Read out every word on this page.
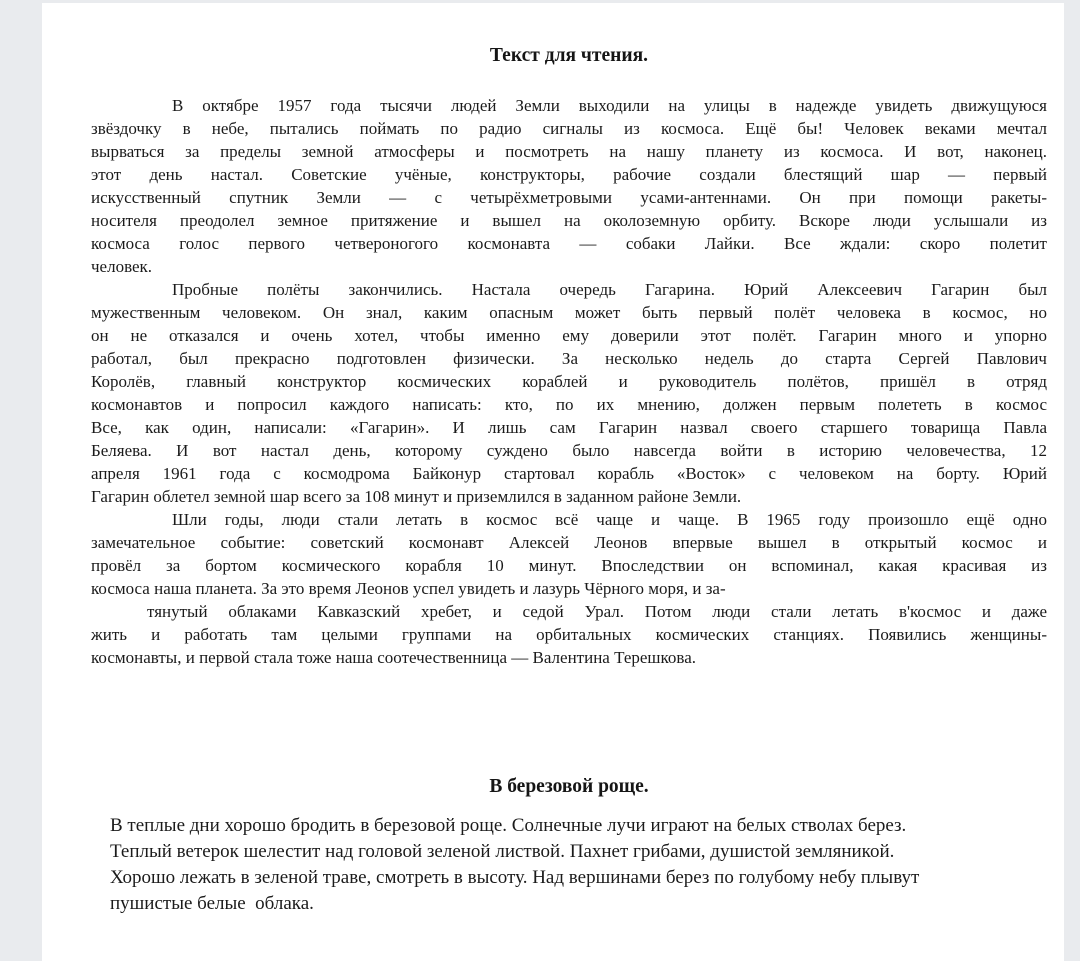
Текст для чтения.
В октябре 1957 года тысячи людей Земли выходили на улицы в надежде увидеть движущуюся
звёздочку в небе, пытались поймать по радио сигналы из космоса. Ещё бы! Человек веками мечтал
вырваться за пределы земной атмосферы и посмотреть на нашу планету из космоса. И вот, наконец.
этот день настал. Советские учёные, конструкторы, рабочие создали блестящий шар — первый
искусственный спутник Земли — с четырёхметровыми усами-антеннами. Он при помощи ракеты-
носителя преодолел земное притяжение и вышел на околоземную орбиту. Вскоре люди услышали из
космоса голос первого четвероногого космонавта — собаки Лайки. Все ждали: скоро полетит
человек.
Пробные полёты закончились. Настала очередь Гагарина. Юрий Алексеевич Гагарин был
мужественным человеком. Он знал, каким опасным может быть первый полёт человека в космос, но
он не отказался и очень хотел, чтобы именно ему доверили этот полёт. Гагарин много и упорно
работал, был прекрасно подготовлен физически. За несколько недель до старта Сергей Павлович
Королёв, главный конструктор космических кораблей и руководитель полётов, пришёл в отряд
космонавтов и попросил каждого написать: кто, по их мнению, должен первым полететь в космос
Все, как один, написали: «Гагарин». И лишь сам Гагарин назвал своего старшего товарища Павла
Беляева. И вот настал день, которому суждено было навсегда войти в историю человечества, 12
апреля 1961 года с космодрома Байконур стартовал корабль «Восток» с человеком на борту. Юрий
Гагарин облетел земной шар всего за 108 минут и приземлился в заданном районе Земли.
Шли годы, люди стали летать в космос всё чаще и чаще. В 1965 году произошло ещё одно
замечательное событие: советский космонавт Алексей Леонов впервые вышел в открытый космос и
провёл за бортом космического корабля 10 минут. Впоследствии он вспоминал, какая красивая из
космоса наша планета. За это время Леонов успел увидеть и лазурь Чёрного моря, и за-
тянутый облаками Кавказский хребет, и седой Урал. Потом люди стали летать в'космос и даже
жить и работать там целыми группами на орбитальных космических станциях. Появились женщины-
космонавты, и первой стала тоже наша соотечественница — Валентина Терешкова.
В березовой роще.
В теплые дни хорошо бродить в березовой роще. Солнечные лучи играют на белых стволах берез.
Теплый ветерок шелестит над головой зеленой листвой. Пахнет грибами, душистой земляникой.
Хорошо лежать в зеленой траве, смотреть в высоту. Над вершинами берез по голубому небу плывут
пушистые белые  облака.
